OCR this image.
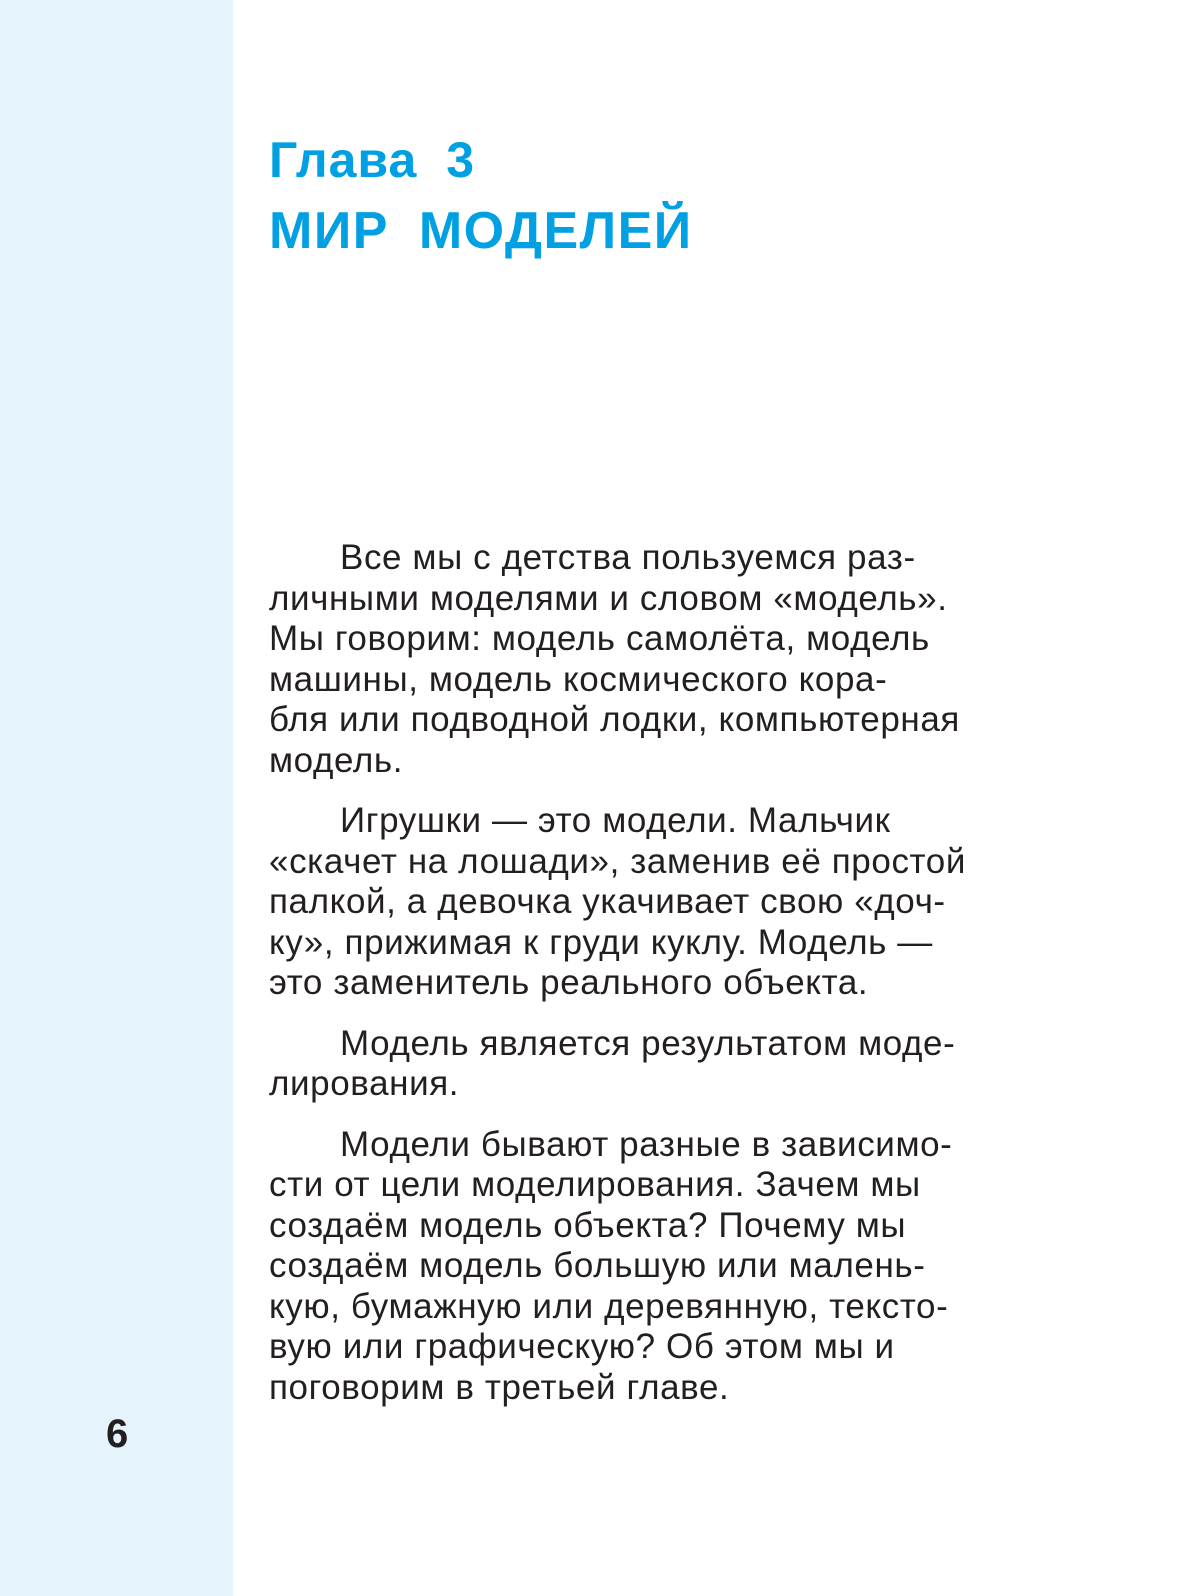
Глава 3
МИР МОДЕЛЕЙ
Все мы с детства пользуемся раз-
личными моделями и словом «модель».
Мы говорим: модель самолёта, модель
машины, модель космического кора-
бля или подводной лодки, компьютерная
модель.
Игрушки — это модели. Мальчик
«скачет на лошади», заменив её простой
палкой, а девочка укачивает свою «доч-
ку», прижимая к груди куклу. Модель —
это заменитель реального объекта.
Модель является результатом моде-
лирования.
Модели бывают разные в зависимо-
сти от цели моделирования. Зачем мы
создаём модель объекта? Почему мы
создаём модель большую или малень-
кую, бумажную или деревянную, тексто-
вую или графическую? Об этом мы и
поговорим в третьей главе.
6
